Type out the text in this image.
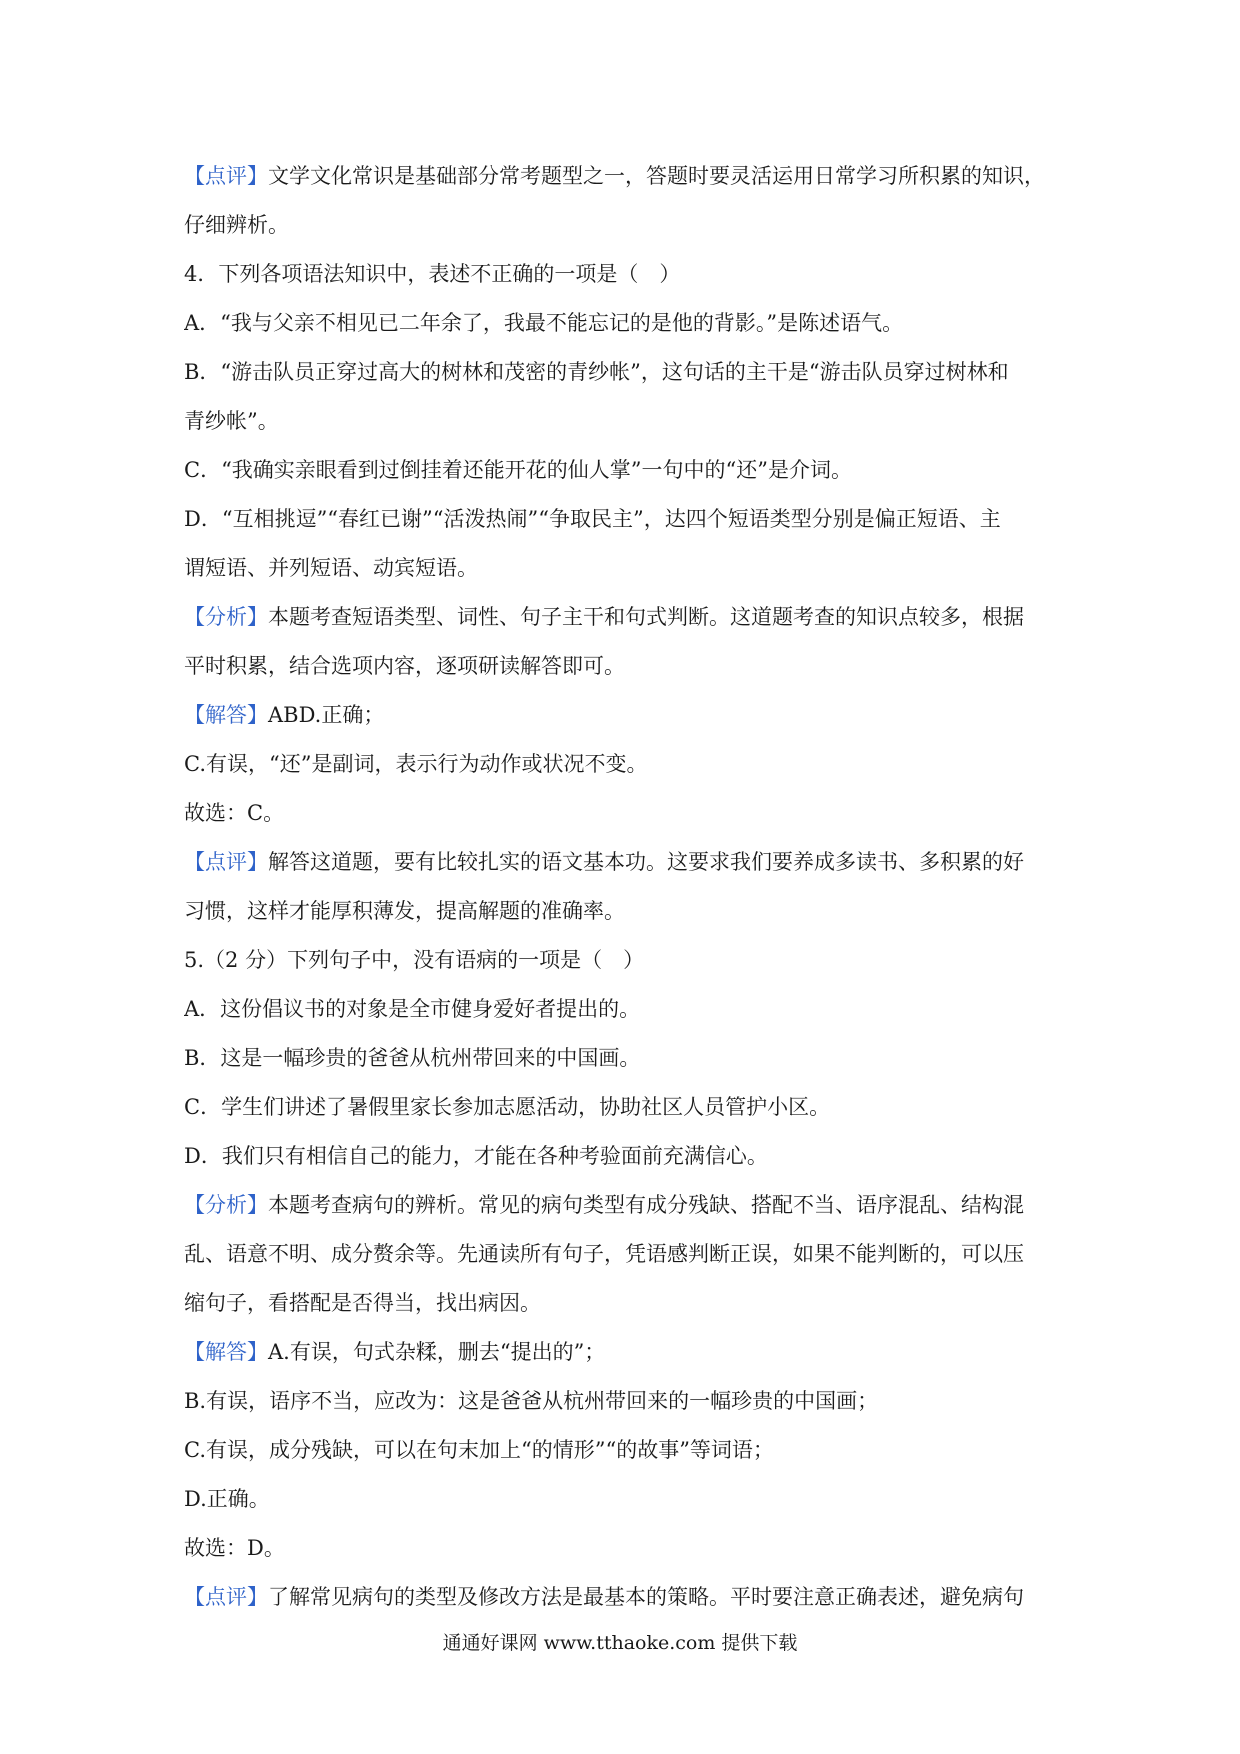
【点评】文学文化常识是基础部分常考题型之一，答题时要灵活运用日常学习所积累的知识，
仔细辨析。
4．下列各项语法知识中，表述不正确的一项是（　）
A．“我与父亲不相见已二年余了，我最不能忘记的是他的背影。”是陈述语气。
B．“游击队员正穿过高大的树林和茂密的青纱帐”，这句话的主干是“游击队员穿过树林和
青纱帐”。
C．“我确实亲眼看到过倒挂着还能开花的仙人掌”一句中的“还”是介词。
D．“互相挑逗”“春红已谢”“活泼热闹”“争取民主”，达四个短语类型分别是偏正短语、主
谓短语、并列短语、动宾短语。
【分析】本题考查短语类型、词性、句子主干和句式判断。这道题考查的知识点较多，根据
平时积累，结合选项内容，逐项研读解答即可。
【解答】ABD.正确；
C.有误，“还”是副词，表示行为动作或状况不变。
故选：C。
【点评】解答这道题，要有比较扎实的语文基本功。这要求我们要养成多读书、多积累的好
习惯，这样才能厚积薄发，提高解题的准确率。
5.（2 分）下列句子中，没有语病的一项是（　）
A．这份倡议书的对象是全市健身爱好者提出的。
B．这是一幅珍贵的爸爸从杭州带回来的中国画。
C．学生们讲述了暑假里家长参加志愿活动，协助社区人员管护小区。
D．我们只有相信自己的能力，才能在各种考验面前充满信心。
【分析】本题考查病句的辨析。常见的病句类型有成分残缺、搭配不当、语序混乱、结构混
乱、语意不明、成分赘余等。先通读所有句子，凭语感判断正误，如果不能判断的，可以压
缩句子，看搭配是否得当，找出病因。
【解答】A.有误，句式杂糅，删去“提出的”；
B.有误，语序不当，应改为：这是爸爸从杭州带回来的一幅珍贵的中国画；
C.有误，成分残缺，可以在句末加上“的情形”“的故事”等词语；
D.正确。
故选：D。
【点评】了解常见病句的类型及修改方法是最基本的策略。平时要注意正确表述，避免病句
通通好课网 www.tthaoke.com 提供下载
